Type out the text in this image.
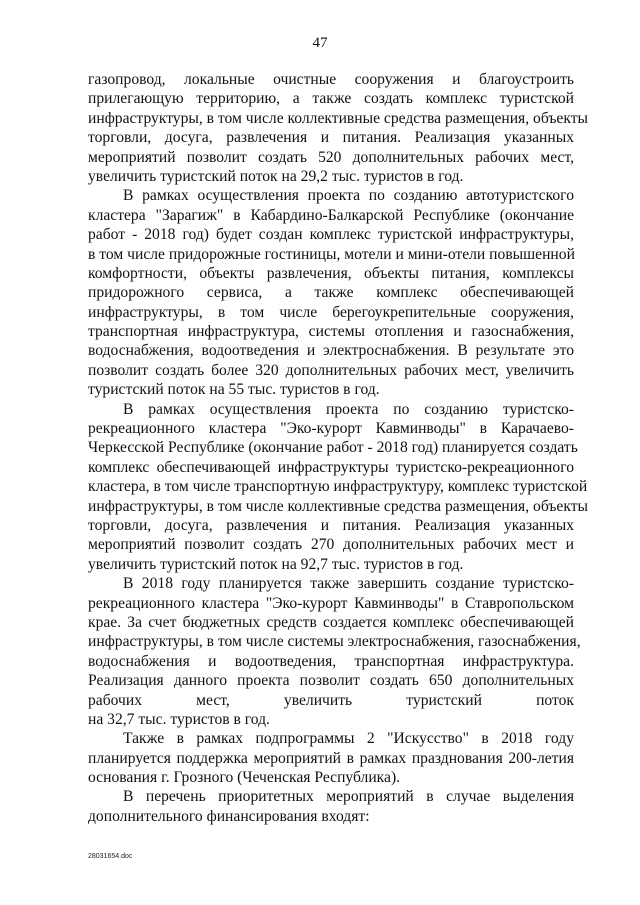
47
газопровод, локальные очистные сооружения и благоустроить
прилегающую территорию, а также создать комплекс туристской
инфраструктуры, в том числе коллективные средства размещения, объекты
торговли, досуга, развлечения и питания. Реализация указанных
мероприятий позволит создать 520 дополнительных рабочих мест,
увеличить туристский поток на 29,2 тыс. туристов в год.
В рамках осуществления проекта по созданию автотуристского
кластера "Зарагиж" в Кабардино-Балкарской Республике (окончание
работ - 2018 год) будет создан комплекс туристской инфраструктуры,
в том числе придорожные гостиницы, мотели и мини-отели повышенной
комфортности, объекты развлечения, объекты питания, комплексы
придорожного сервиса, а также комплекс обеспечивающей
инфраструктуры, в том числе берегоукрепительные сооружения,
транспортная инфраструктура, системы отопления и газоснабжения,
водоснабжения, водоотведения и электроснабжения. В результате это
позволит создать более 320 дополнительных рабочих мест, увеличить
туристский поток на 55 тыс. туристов в год.
В рамках осуществления проекта по созданию туристско-
рекреационного кластера "Эко-курорт Кавминводы" в Карачаево-
Черкесской Республике (окончание работ - 2018 год) планируется создать
комплекс обеспечивающей инфраструктуры туристско-рекреационного
кластера, в том числе транспортную инфраструктуру, комплекс туристской
инфраструктуры, в том числе коллективные средства размещения, объекты
торговли, досуга, развлечения и питания. Реализация указанных
мероприятий позволит создать 270 дополнительных рабочих мест и
увеличить туристский поток на 92,7 тыс. туристов в год.
В 2018 году планируется также завершить создание туристско-
рекреационного кластера "Эко-курорт Кавминводы" в Ставропольском
крае. За счет бюджетных средств создается комплекс обеспечивающей
инфраструктуры, в том числе системы электроснабжения, газоснабжения,
водоснабжения и водоотведения, транспортная инфраструктура.
Реализация данного проекта позволит создать 650 дополнительных
рабочих мест, увеличить туристский поток
на 32,7 тыс. туристов в год.
Также в рамках подпрограммы 2 "Искусство" в 2018 году
планируется поддержка мероприятий в рамках празднования 200-летия
основания г. Грозного (Чеченская Республика).
В перечень приоритетных мероприятий в случае выделения
дополнительного финансирования входят:
28031654.doc
